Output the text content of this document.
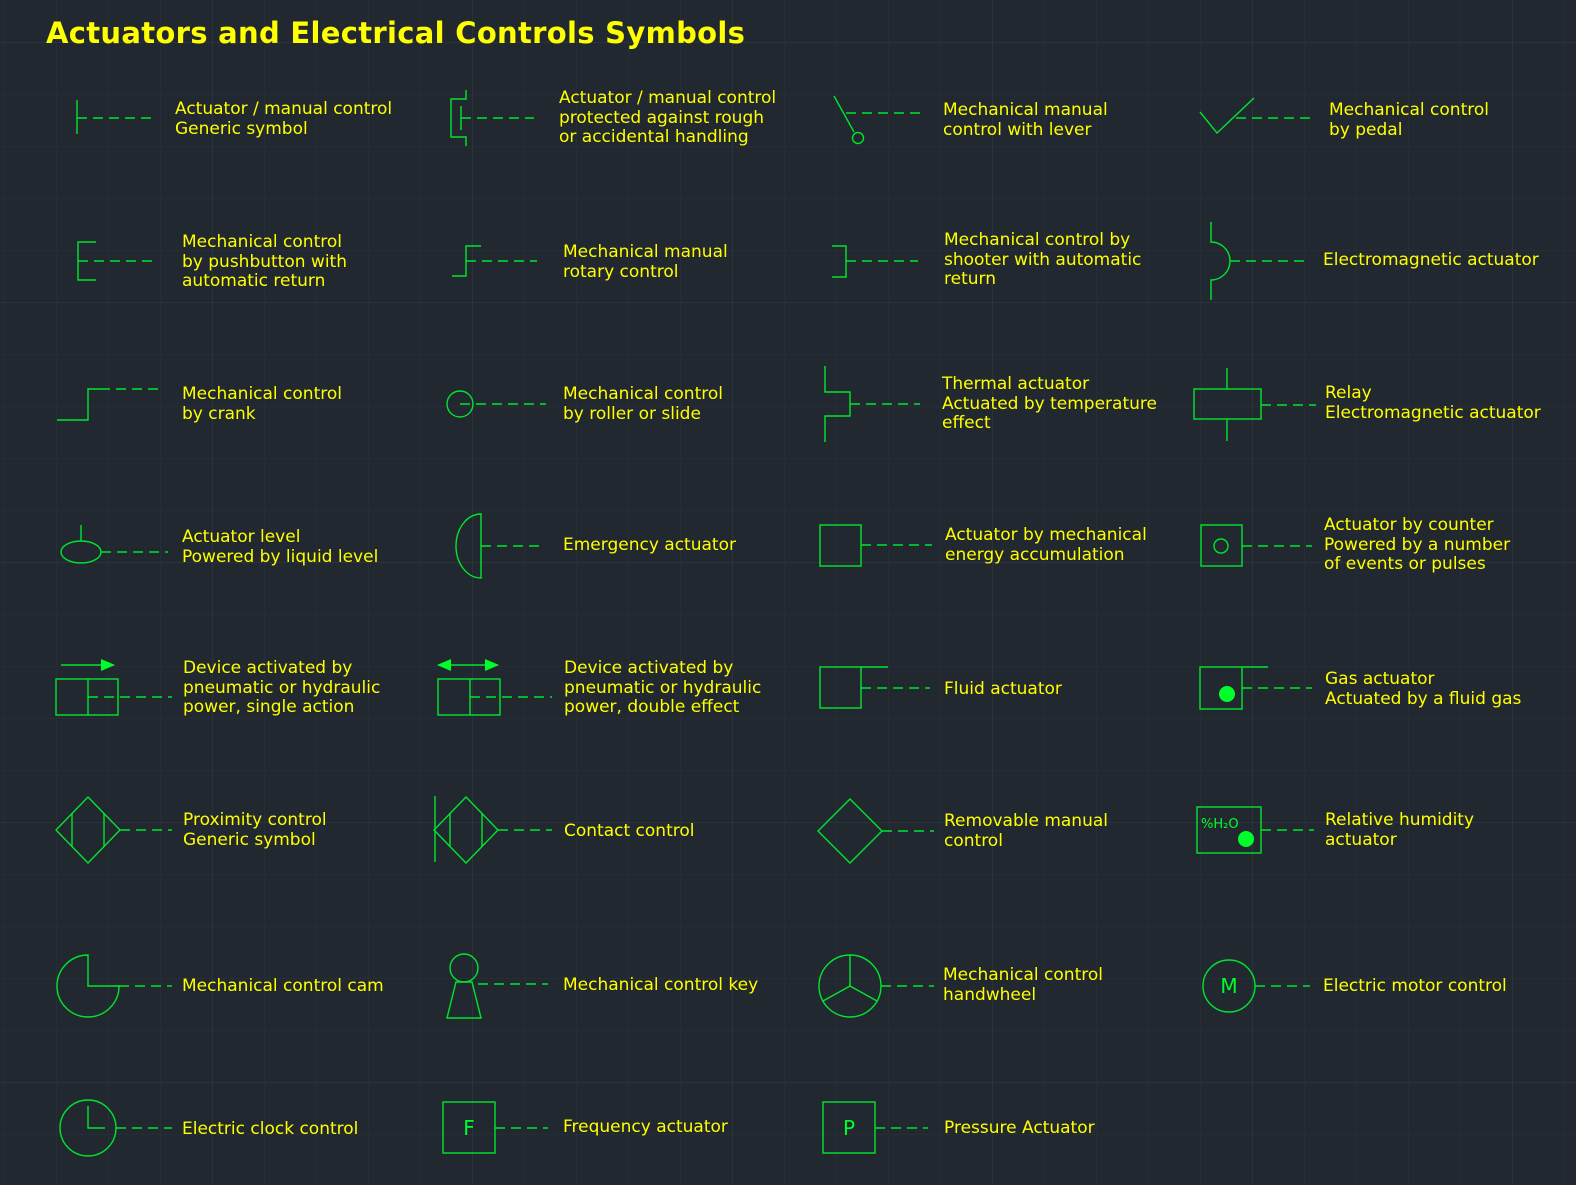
Actuators and Electrical Controls Symbols
%H₂O
M
F	P
Actuator / manual control
Generic symbol
Actuator / manual control
protected against rough
or accidental handling
Mechanical manual
control with lever
Mechanical control
by pedal
Mechanical control
by pushbutton with
automatic return
Mechanical manual
rotary control
Mechanical control by
shooter with automatic
return
Electromagnetic actuator
Mechanical control
by crank
Mechanical control
by roller or slide
Thermal actuator
Actuated by temperature
effect
Relay
Electromagnetic actuator
Actuator level
Powered by liquid level
Emergency actuator	Actuator by mechanical
energy accumulation
Actuator by counter
Powered by a number
of events or pulses
Device activated by
pneumatic or hydraulic
power, single action
Device activated by
pneumatic or hydraulic
power, double effect
Fluid actuator	Gas actuator
Actuated by a fluid gas
Proximity control
Generic symbol	Contact control	Removable manual
control
Relative humidity
actuator
Mechanical control cam	Mechanical control key	Mechanical control
handwheel	Electric motor control
Electric clock control	Frequency actuator	Pressure Actuator
